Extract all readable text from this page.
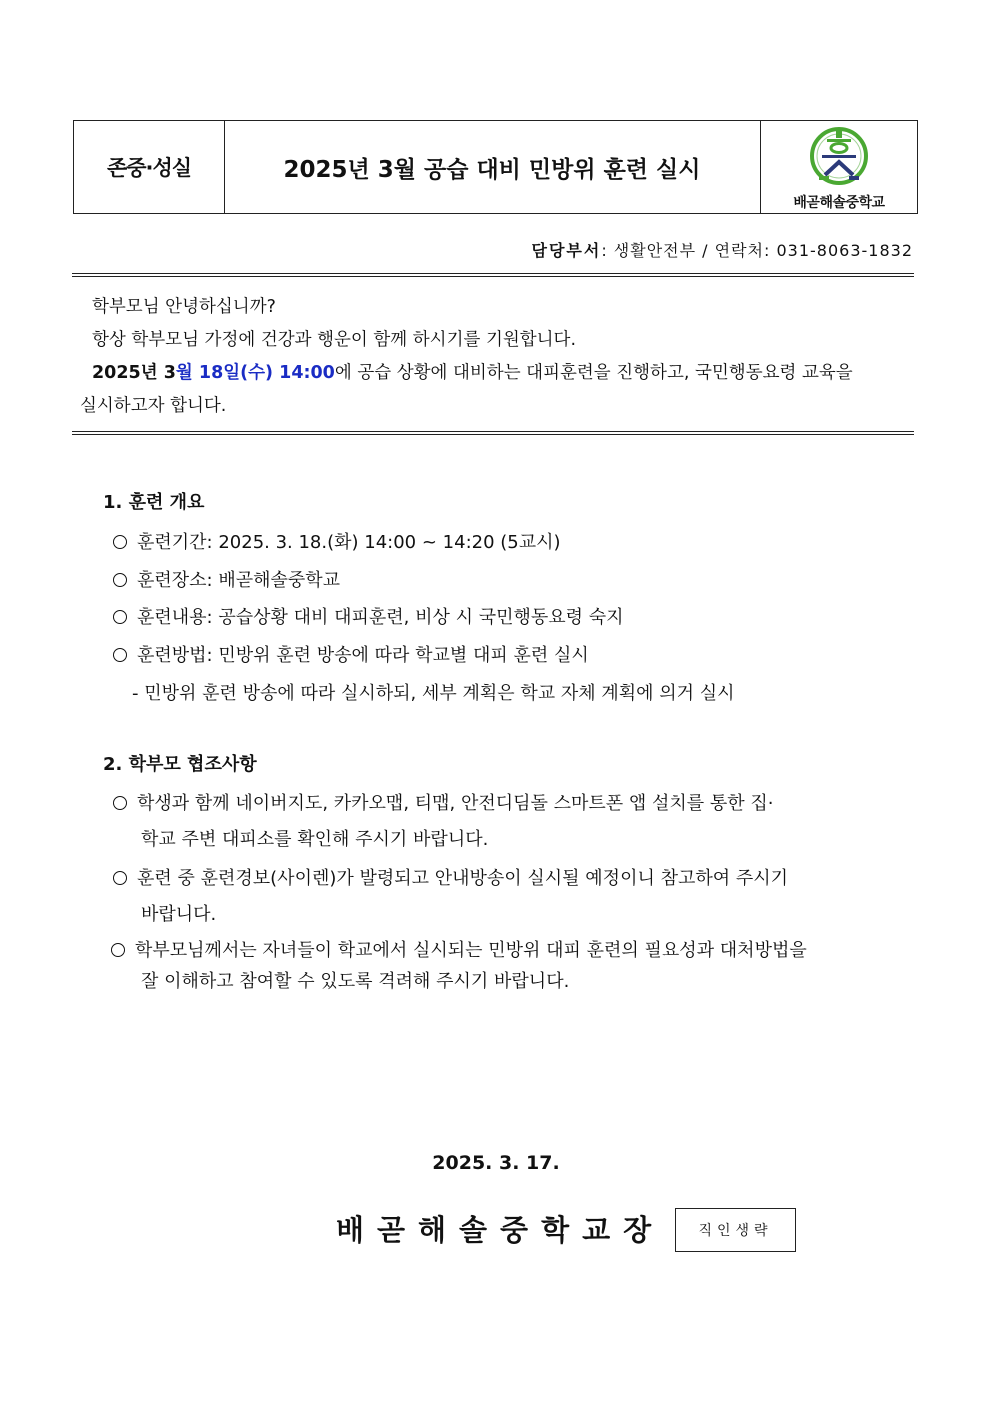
존중·성실	2025년 3월 공습 대비 민방위 훈련 실시
배곧해솔중학교
담당부서: 생활안전부 / 연락처: 031-8063-1832

학부모님 안녕하십니까?

항상 학부모님 가정에 건강과 행운이 함께 하시기를 기원합니다.

2025년 3월 18일(수) 14:00에 공습 상황에 대비하는 대피훈련을 진행하고, 국민행동요령 교육을

실시하고자 합니다.

1. 훈련 개요
훈련기간: 2025. 3. 18.(화) 14:00 ~ 14:20 (5교시)
훈련장소: 배곧해솔중학교
훈련내용: 공습상황 대비 대피훈련, 비상 시 국민행동요령 숙지
훈련방법: 민방위 훈련 방송에 따라 학교별 대피 훈련 실시
- 민방위 훈련 방송에 따라 실시하되, 세부 계획은 학교 자체 계획에 의거 실시
2. 학부모 협조사항
학생과 함께 네이버지도, 카카오맵, 티맵, 안전디딤돌 스마트폰 앱 설치를 통한 집·
학교 주변 대피소를 확인해 주시기 바랍니다.
훈련 중 훈련경보(사이렌)가 발령되고 안내방송이 실시될 예정이니 참고하여 주시기
바랍니다.
학부모님께서는 자녀들이 학교에서 실시되는 민방위 대피 훈련의 필요성과 대처방법을
잘 이해하고 참여할 수 있도록 격려해 주시기 바랍니다.
2025. 3. 17.
배곧해솔중학교장 직인생략
